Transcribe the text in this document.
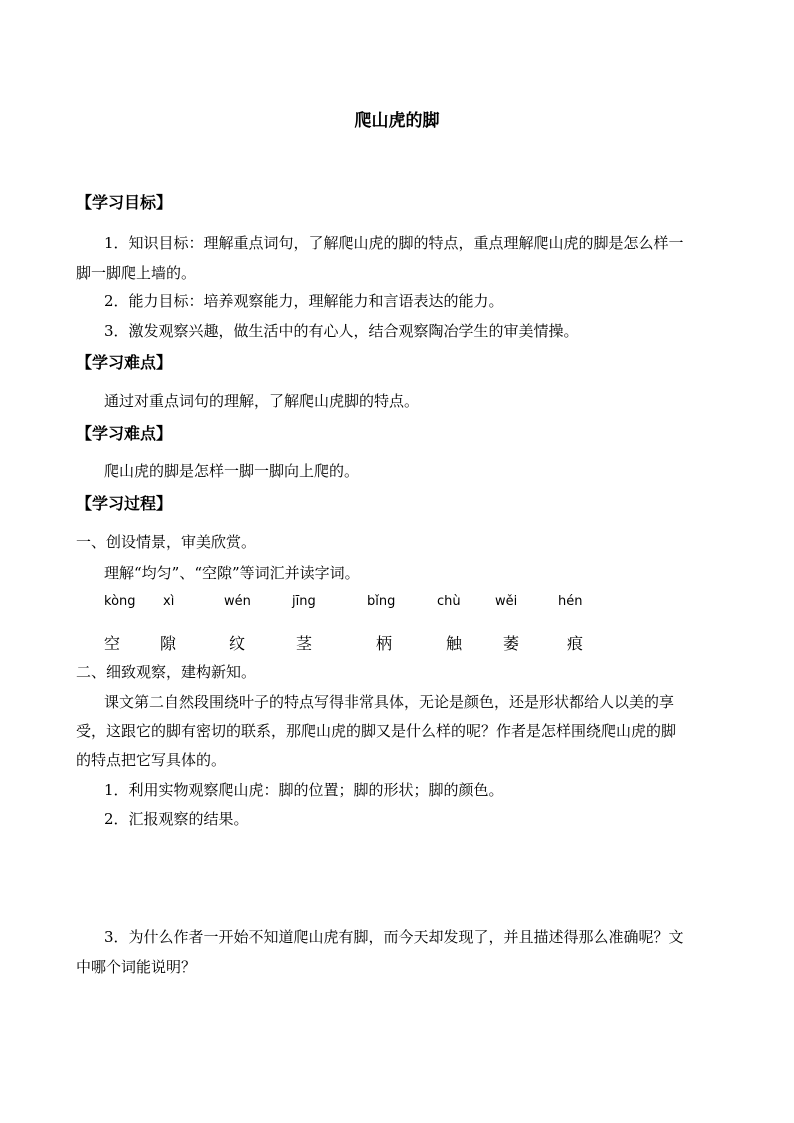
爬山虎的脚
【学习目标】
1．知识目标：理解重点词句，了解爬山虎的脚的特点，重点理解爬山虎的脚是怎么样一
脚一脚爬上墙的。
2．能力目标：培养观察能力，理解能力和言语表达的能力。
3．激发观察兴趣，做生活中的有心人，结合观察陶冶学生的审美情操。
【学习难点】
通过对重点词句的理解，了解爬山虎脚的特点。
【学习难点】
爬山虎的脚是怎样一脚一脚向上爬的。
【学习过程】
一、创设情景，审美欣赏。
理解“均匀”、“空隙”等词汇并读字词。
kòng xì	wén	jīng	bǐng	chù	wěi	hén
空 隙	纹	茎	柄	触	萎	痕
二、细致观察，建构新知。
课文第二自然段围绕叶子的特点写得非常具体，无论是颜色，还是形状都给人以美的享
受，这跟它的脚有密切的联系，那爬山虎的脚又是什么样的呢？作者是怎样围绕爬山虎的脚
的特点把它写具体的。
1．利用实物观察爬山虎：脚的位置；脚的形状；脚的颜色。
2．汇报观察的结果。
3．为什么作者一开始不知道爬山虎有脚，而今天却发现了，并且描述得那么准确呢？文
中哪个词能说明？
